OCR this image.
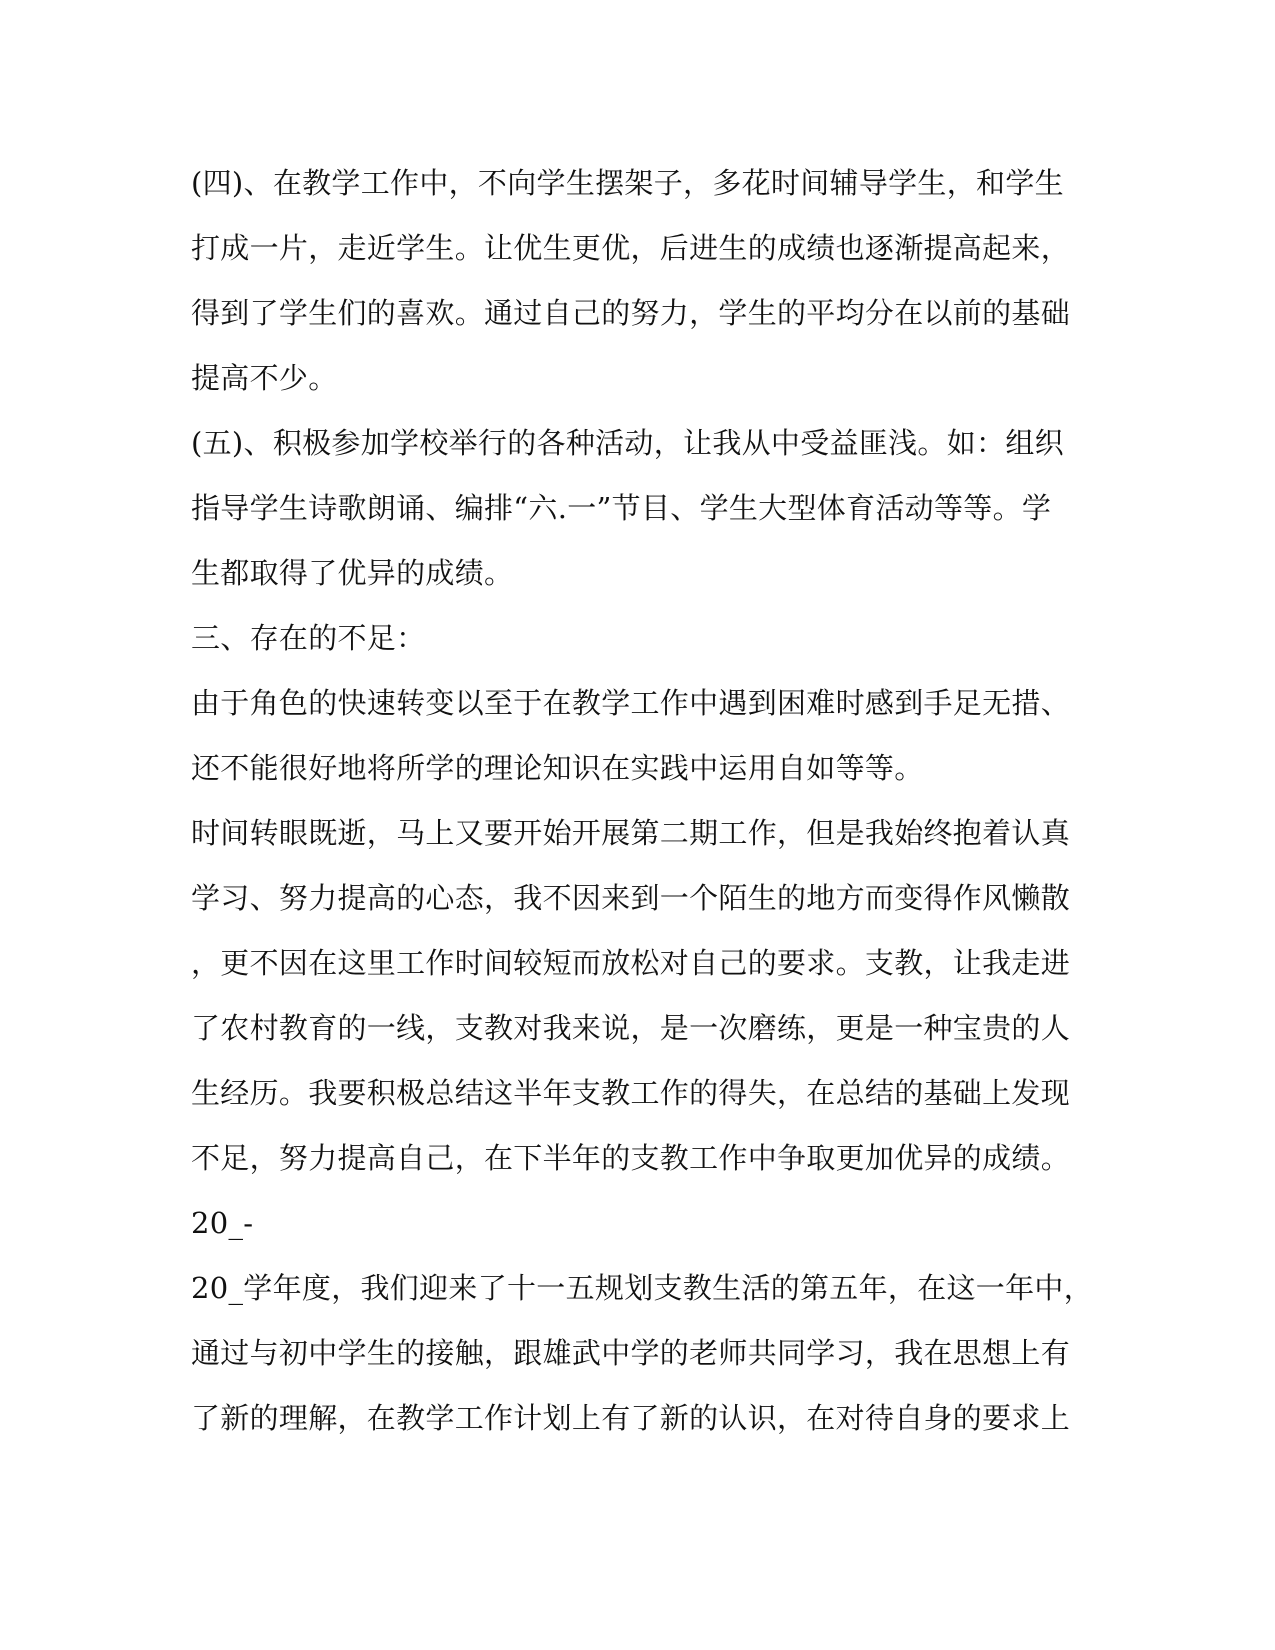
(四)、在教学工作中，不向学生摆架子，多花时间辅导学生，和学生
打成一片，走近学生。让优生更优，后进生的成绩也逐渐提高起来，
得到了学生们的喜欢。通过自己的努力，学生的平均分在以前的基础
提高不少。
(五)、积极参加学校举行的各种活动，让我从中受益匪浅。如：组织
指导学生诗歌朗诵、编排“六.一”节目、学生大型体育活动等等。学
生都取得了优异的成绩。
三、存在的不足：
由于角色的快速转变以至于在教学工作中遇到困难时感到手足无措、
还不能很好地将所学的理论知识在实践中运用自如等等。
时间转眼既逝，马上又要开始开展第二期工作，但是我始终抱着认真
学习、努力提高的心态，我不因来到一个陌生的地方而变得作风懒散
，更不因在这里工作时间较短而放松对自己的要求。支教，让我走进
了农村教育的一线，支教对我来说，是一次磨练，更是一种宝贵的人
生经历。我要积极总结这半年支教工作的得失，在总结的基础上发现
不足，努力提高自己，在下半年的支教工作中争取更加优异的成绩。
20_-
20_学年度，我们迎来了十一五规划支教生活的第五年，在这一年中，
通过与初中学生的接触，跟雄武中学的老师共同学习，我在思想上有
了新的理解，在教学工作计划上有了新的认识，在对待自身的要求上
